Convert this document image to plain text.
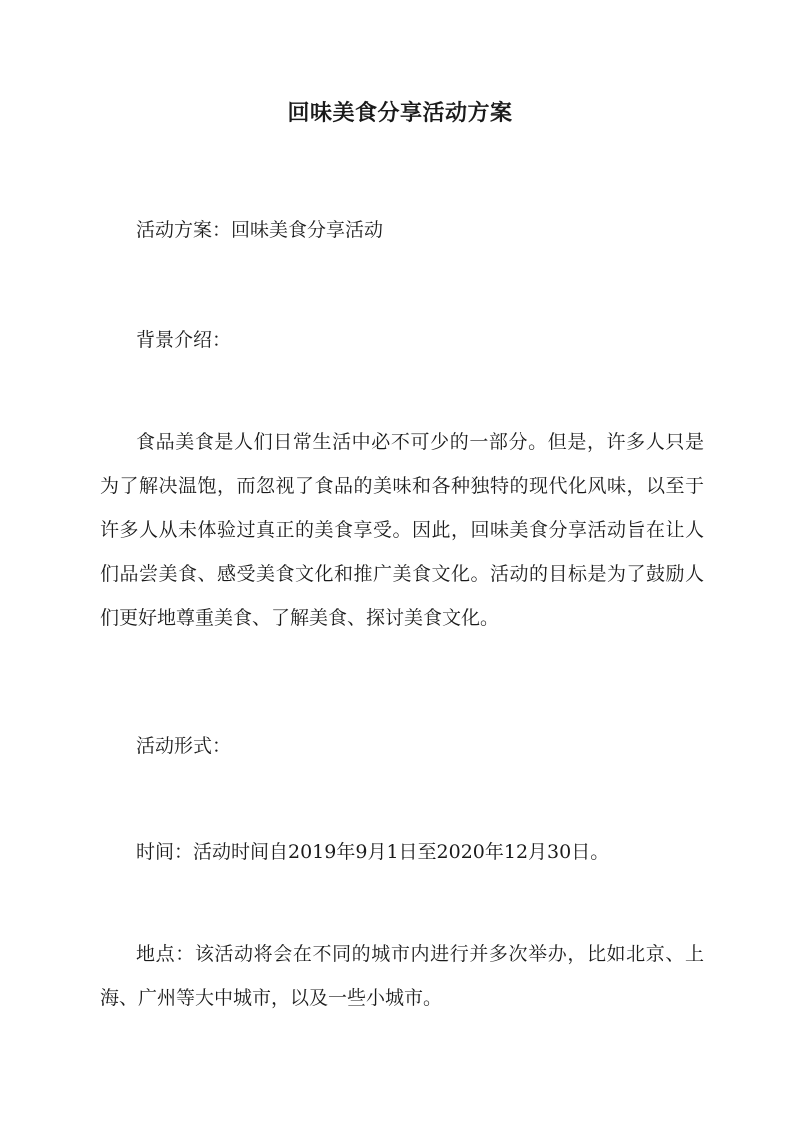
回味美食分享活动方案

活动方案：回味美食分享活动

背景介绍：

食品美食是人们日常生活中必不可少的一部分。但是，许多人只是为了解决温饱，而忽视了食品的美味和各种独特的现代化风味，以至于许多人从未体验过真正的美食享受。因此，回味美食分享活动旨在让人们品尝美食、感受美食文化和推广美食文化。活动的目标是为了鼓励人们更好地尊重美食、了解美食、探讨美食文化。

活动形式：

时间：活动时间自2019年9月1日至2020年12月30日。

地点：该活动将会在不同的城市内进行并多次举办，比如北京、上海、广州等大中城市，以及一些小城市。
